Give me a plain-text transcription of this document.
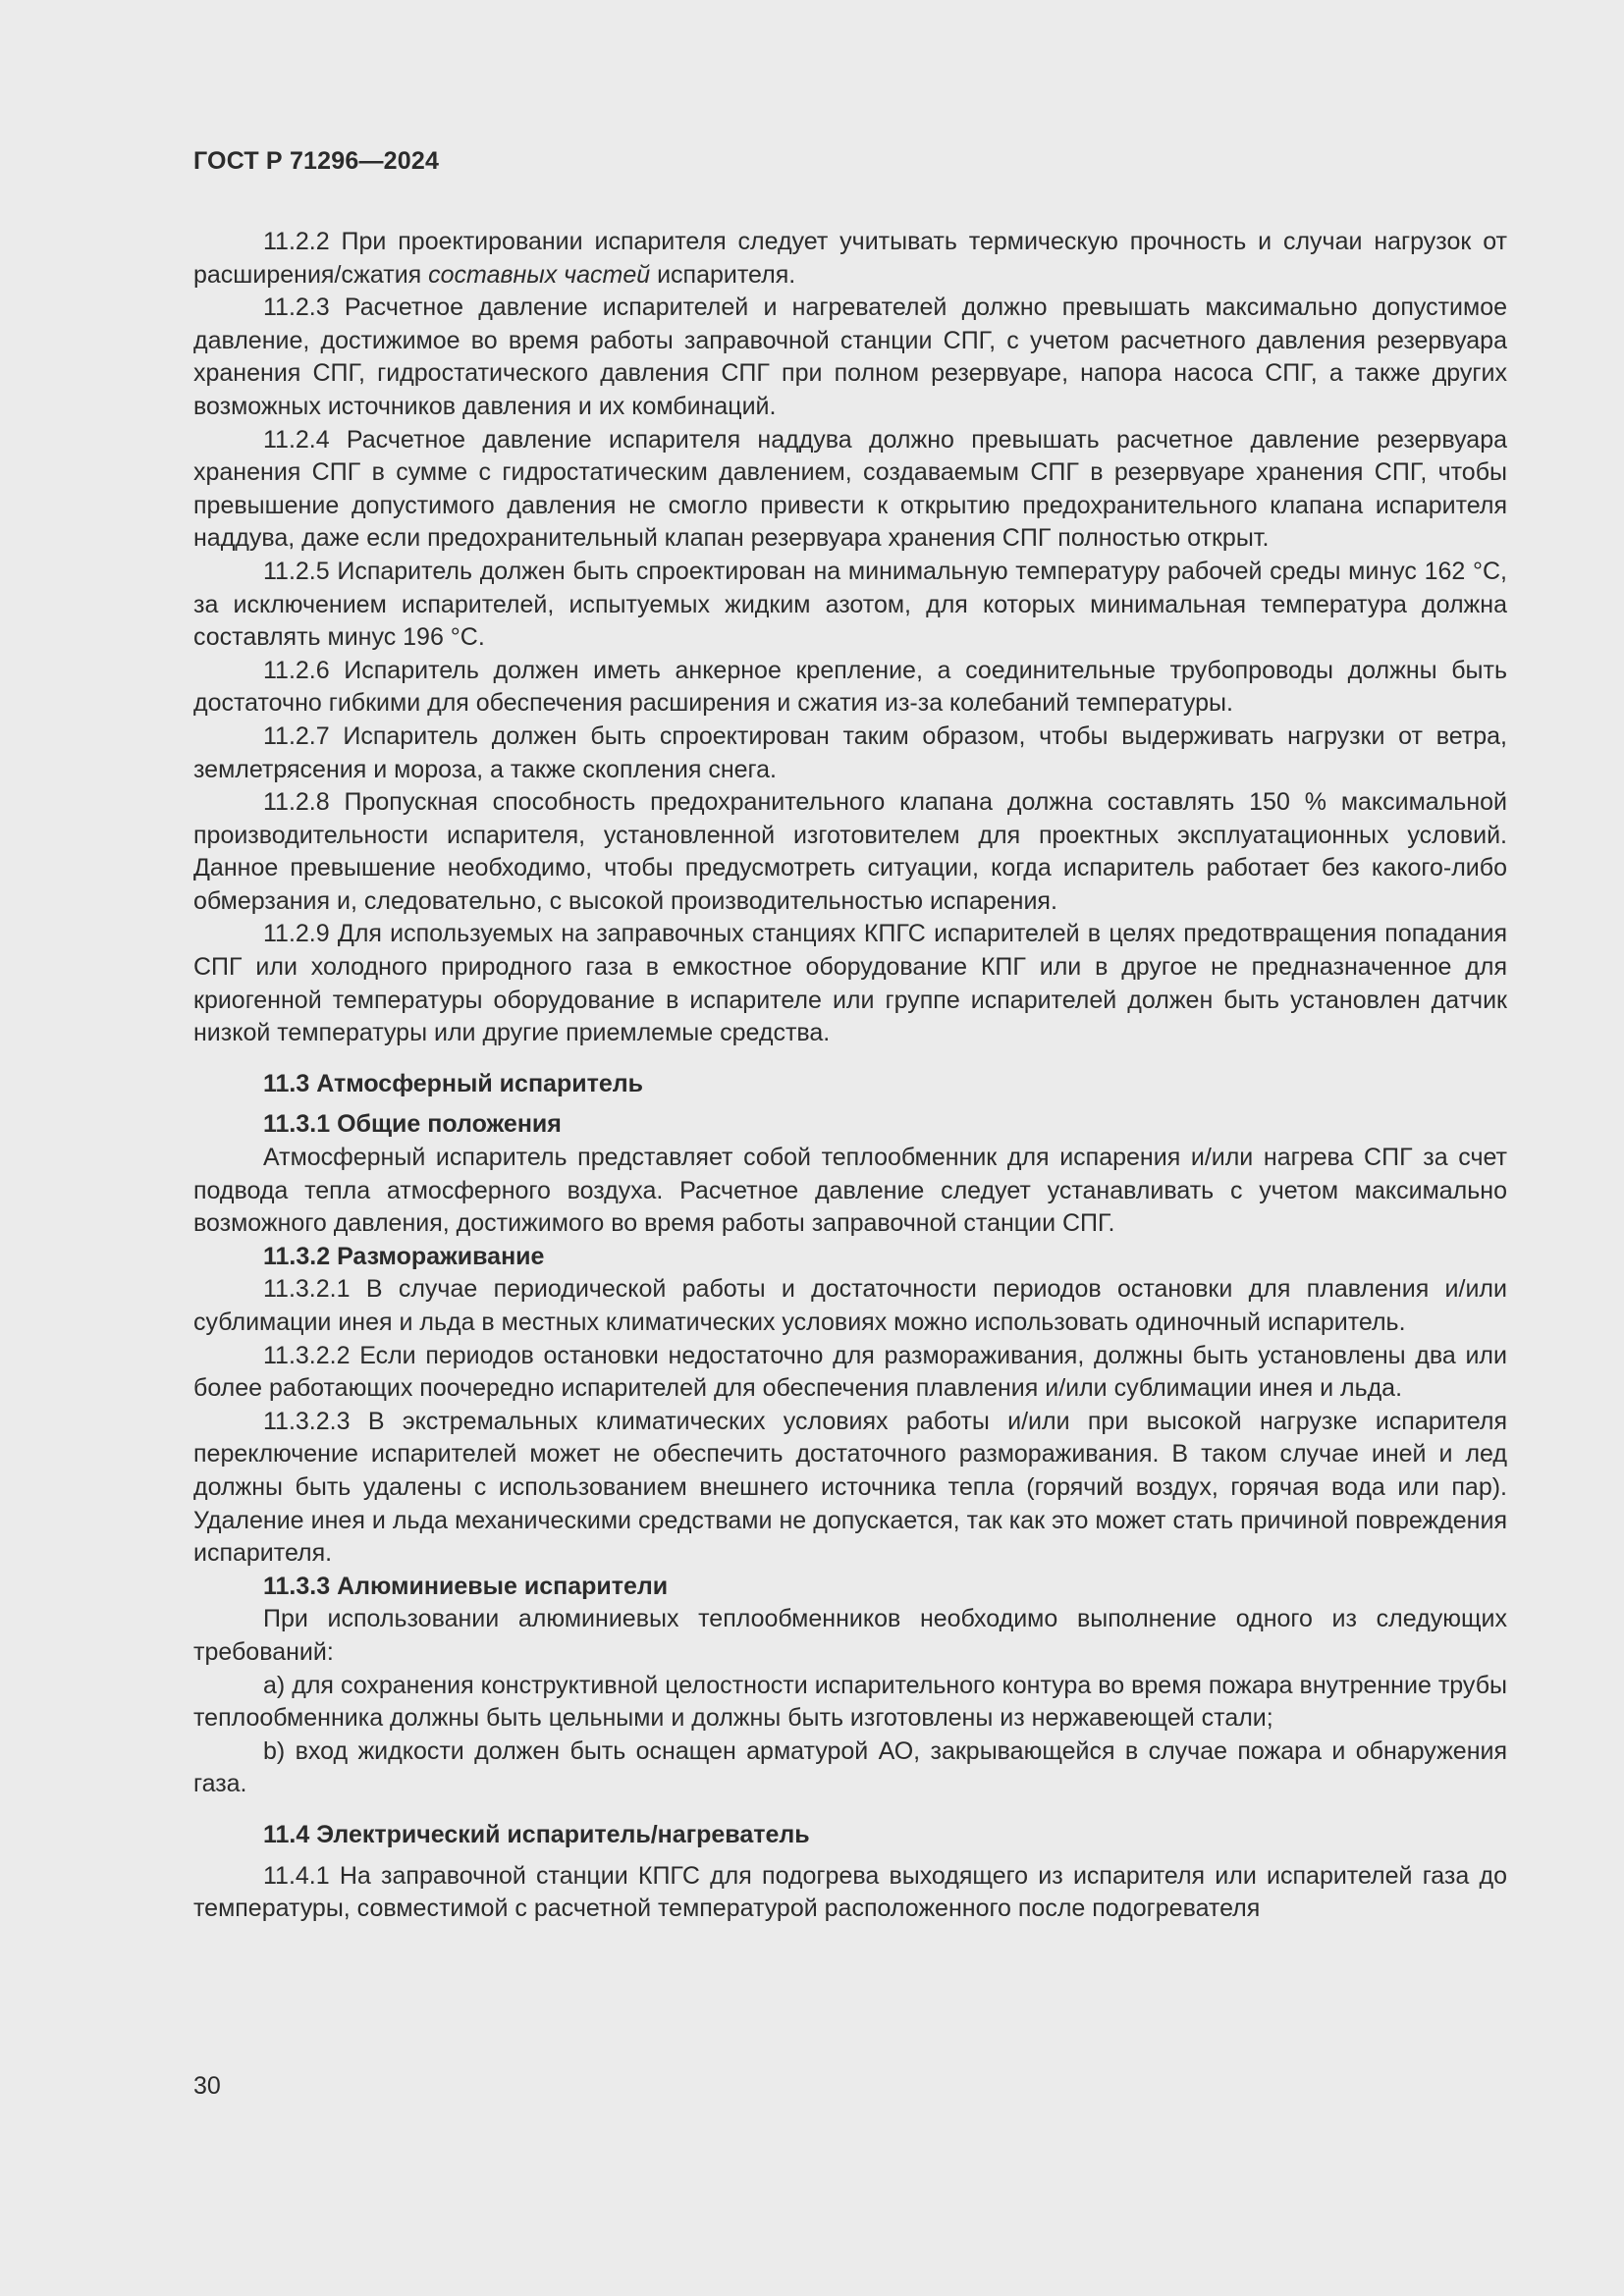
ГОСТ Р 71296—2024

11.2.2 При проектировании испарителя следует учитывать термическую прочность и случаи нагрузок от расширения/сжатия составных частей испарителя.

11.2.3 Расчетное давление испарителей и нагревателей должно превышать максимально допустимое давление, достижимое во время работы заправочной станции СПГ, с учетом расчетного давления резервуара хранения СПГ, гидростатического давления СПГ при полном резервуаре, напора насоса СПГ, а также других возможных источников давления и их комбинаций.

11.2.4 Расчетное давление испарителя наддува должно превышать расчетное давление резервуара хранения СПГ в сумме с гидростатическим давлением, создаваемым СПГ в резервуаре хранения СПГ, чтобы превышение допустимого давления не смогло привести к открытию предохранительного клапана испарителя наддува, даже если предохранительный клапан резервуара хранения СПГ полностью открыт.

11.2.5 Испаритель должен быть спроектирован на минимальную температуру рабочей среды минус 162 °С, за исключением испарителей, испытуемых жидким азотом, для которых минимальная температура должна составлять минус 196 °С.

11.2.6 Испаритель должен иметь анкерное крепление, а соединительные трубопроводы должны быть достаточно гибкими для обеспечения расширения и сжатия из-за колебаний температуры.

11.2.7 Испаритель должен быть спроектирован таким образом, чтобы выдерживать нагрузки от ветра, землетрясения и мороза, а также скопления снега.

11.2.8 Пропускная способность предохранительного клапана должна составлять 150 % максимальной производительности испарителя, установленной изготовителем для проектных эксплуатационных условий. Данное превышение необходимо, чтобы предусмотреть ситуации, когда испаритель работает без какого-либо обмерзания и, следовательно, с высокой производительностью испарения.

11.2.9 Для используемых на заправочных станциях КПГС испарителей в целях предотвращения попадания СПГ или холодного природного газа в емкостное оборудование КПГ или в другое не предназначенное для криогенной температуры оборудование в испарителе или группе испарителей должен быть установлен датчик низкой температуры или другие приемлемые средства.

11.3 Атмосферный испаритель

11.3.1 Общие положения

Атмосферный испаритель представляет собой теплообменник для испарения и/или нагрева СПГ за счет подвода тепла атмосферного воздуха. Расчетное давление следует устанавливать с учетом максимально возможного давления, достижимого во время работы заправочной станции СПГ.

11.3.2 Размораживание

11.3.2.1 В случае периодической работы и достаточности периодов остановки для плавления и/или сублимации инея и льда в местных климатических условиях можно использовать одиночный испаритель.

11.3.2.2 Если периодов остановки недостаточно для размораживания, должны быть установлены два или более работающих поочередно испарителей для обеспечения плавления и/или сублимации инея и льда.

11.3.2.3 В экстремальных климатических условиях работы и/или при высокой нагрузке испарителя переключение испарителей может не обеспечить достаточного размораживания. В таком случае иней и лед должны быть удалены с использованием внешнего источника тепла (горячий воздух, горячая вода или пар). Удаление инея и льда механическими средствами не допускается, так как это может стать причиной повреждения испарителя.

11.3.3 Алюминиевые испарители

При использовании алюминиевых теплообменников необходимо выполнение одного из следующих требований:

а) для сохранения конструктивной целостности испарительного контура во время пожара внутренние трубы теплообменника должны быть цельными и должны быть изготовлены из нержавеющей стали;

b) вход жидкости должен быть оснащен арматурой АО, закрывающейся в случае пожара и обнаружения газа.

11.4 Электрический испаритель/нагреватель

11.4.1 На заправочной станции КПГС для подогрева выходящего из испарителя или испарителей газа до температуры, совместимой с расчетной температурой расположенного после подогревателя

30
